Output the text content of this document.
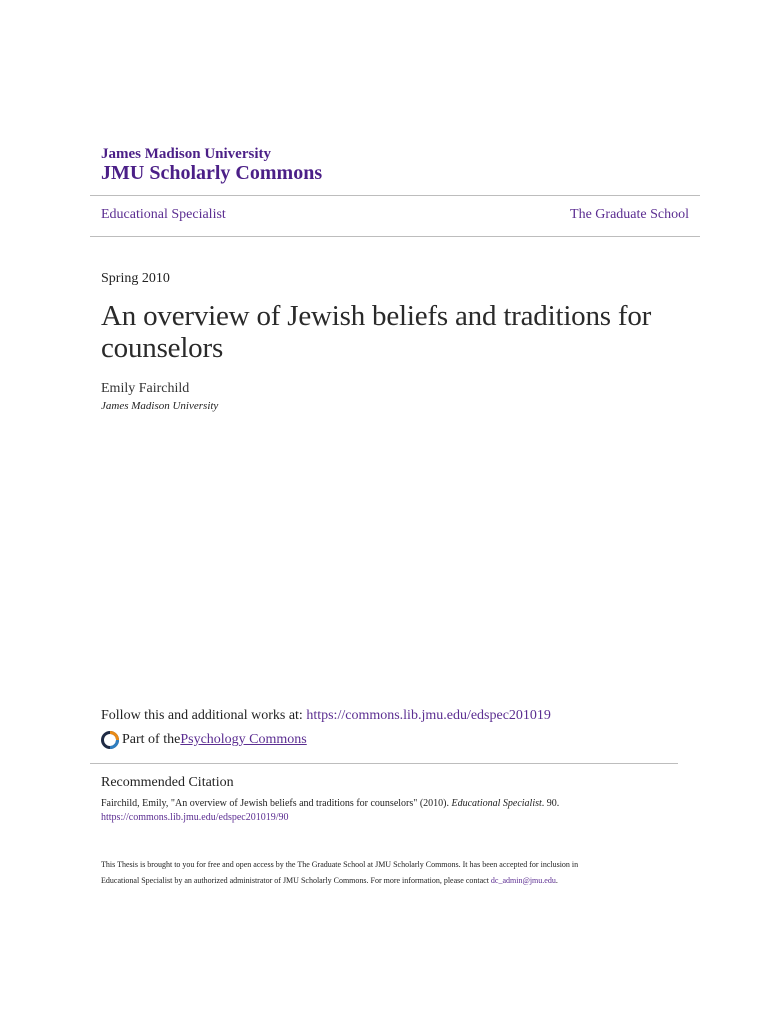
James Madison University
JMU Scholarly Commons
Educational Specialist	The Graduate School
Spring 2010
An overview of Jewish beliefs and traditions for counselors
Emily Fairchild
James Madison University
Follow this and additional works at: https://commons.lib.jmu.edu/edspec201019
Part of the Psychology Commons
Recommended Citation
Fairchild, Emily, "An overview of Jewish beliefs and traditions for counselors" (2010). Educational Specialist. 90.
https://commons.lib.jmu.edu/edspec201019/90
This Thesis is brought to you for free and open access by the The Graduate School at JMU Scholarly Commons. It has been accepted for inclusion in
Educational Specialist by an authorized administrator of JMU Scholarly Commons. For more information, please contact dc_admin@jmu.edu.
